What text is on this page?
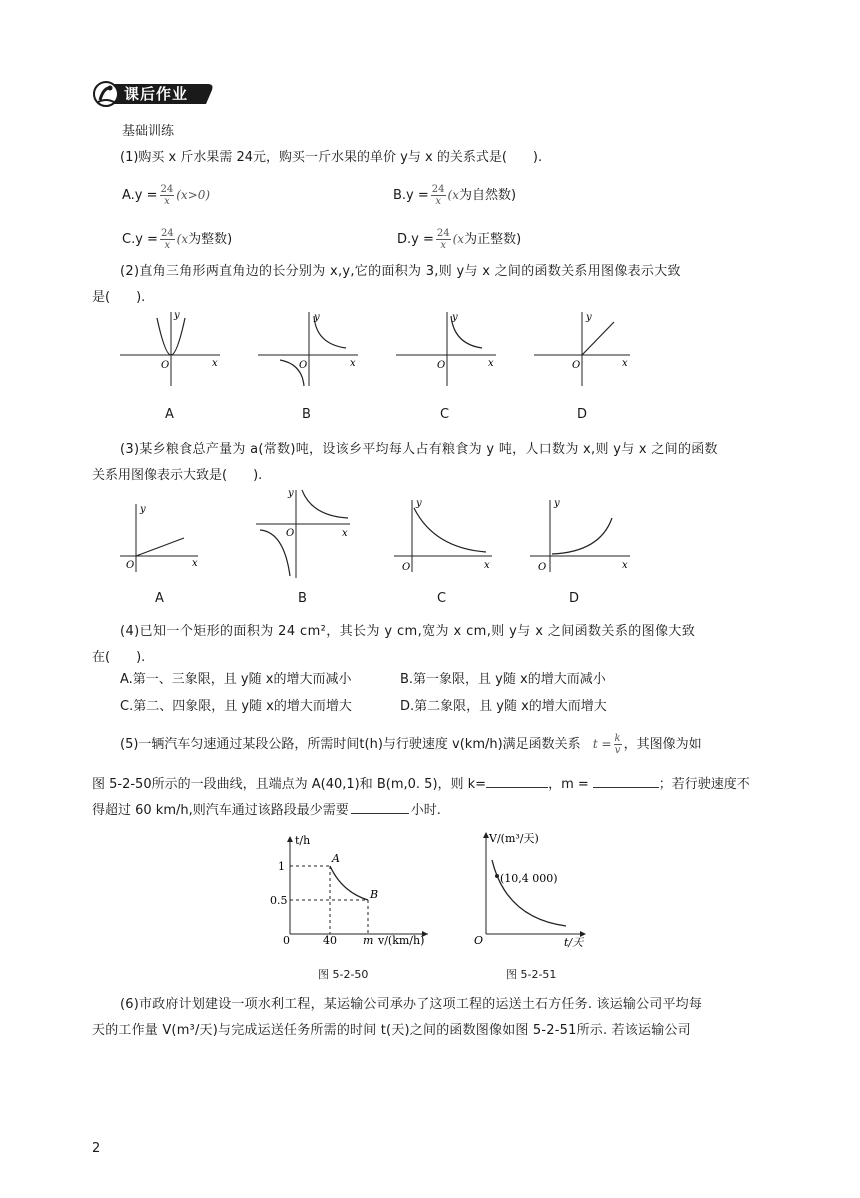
课后作业
基础训练
(1)购买 x 斤水果需 24元，购买一斤水果的单价 y与 x 的关系式是(　　).
$A.y = \frac{24}{x} (x>0)$	$B.y = \frac{24}{x} (x$为自然数)
$C.y = \frac{24}{x} (x$为整数)	$D.y = \frac{24}{x} (x$为正整数)
(2)直角三角形两直角边的长分别为 x,y,它的面积为 3,则 y与 x 之间的函数关系用图像表示大致
是(　　).
y
x
O
y
x
O
y
x
O
y
x
O
A	B	C	D
(3)某乡粮食总产量为 a(常数)吨，设该乡平均每人占有粮食为 y 吨，人口数为 x,则 y与 x 之间的函数
关系用图像表示大致是(　　).
y
x
O
y
x
O
y
x
O
y
x
O
A	B	C	D
(4)已知一个矩形的面积为 24 cm²，其长为 y cm,宽为 x cm,则 y与 x 之间函数关系的图像大致
在(　　).
A.第一、三象限，且 y随 x的增大而减小	B.第一象限，且 y随 x的增大而减小
C.第二、四象限，且 y随 x的增大而增大	D.第二象限，且 y随 x的增大而增大
(5)一辆汽车匀速通过某段公路，所需时间t(h)与行驶速度 v(km/h)满足函数关系 $t = \frac{k}{v}$ ，其图像为如
图 5-2-50所示的一段曲线，且端点为 A(40,1)和 B(m,0. 5)，则 k=	，m =	；若行驶速度不
得超过 60 km/h,则汽车通过该路段最少需要	小时.
t/h
v/(km/h)
1
0.5
0	40 m
A
B
V/(m³/天)
(10,4 000)
O	t/天
图 5-2-50	图 5-2-51
(6)市政府计划建设一项水利工程，某运输公司承办了这项工程的运送土石方任务. 该运输公司平均每
天的工作量 V(m³/天)与完成运送任务所需的时间 t(天)之间的函数图像如图 5-2-51所示. 若该运输公司
2
